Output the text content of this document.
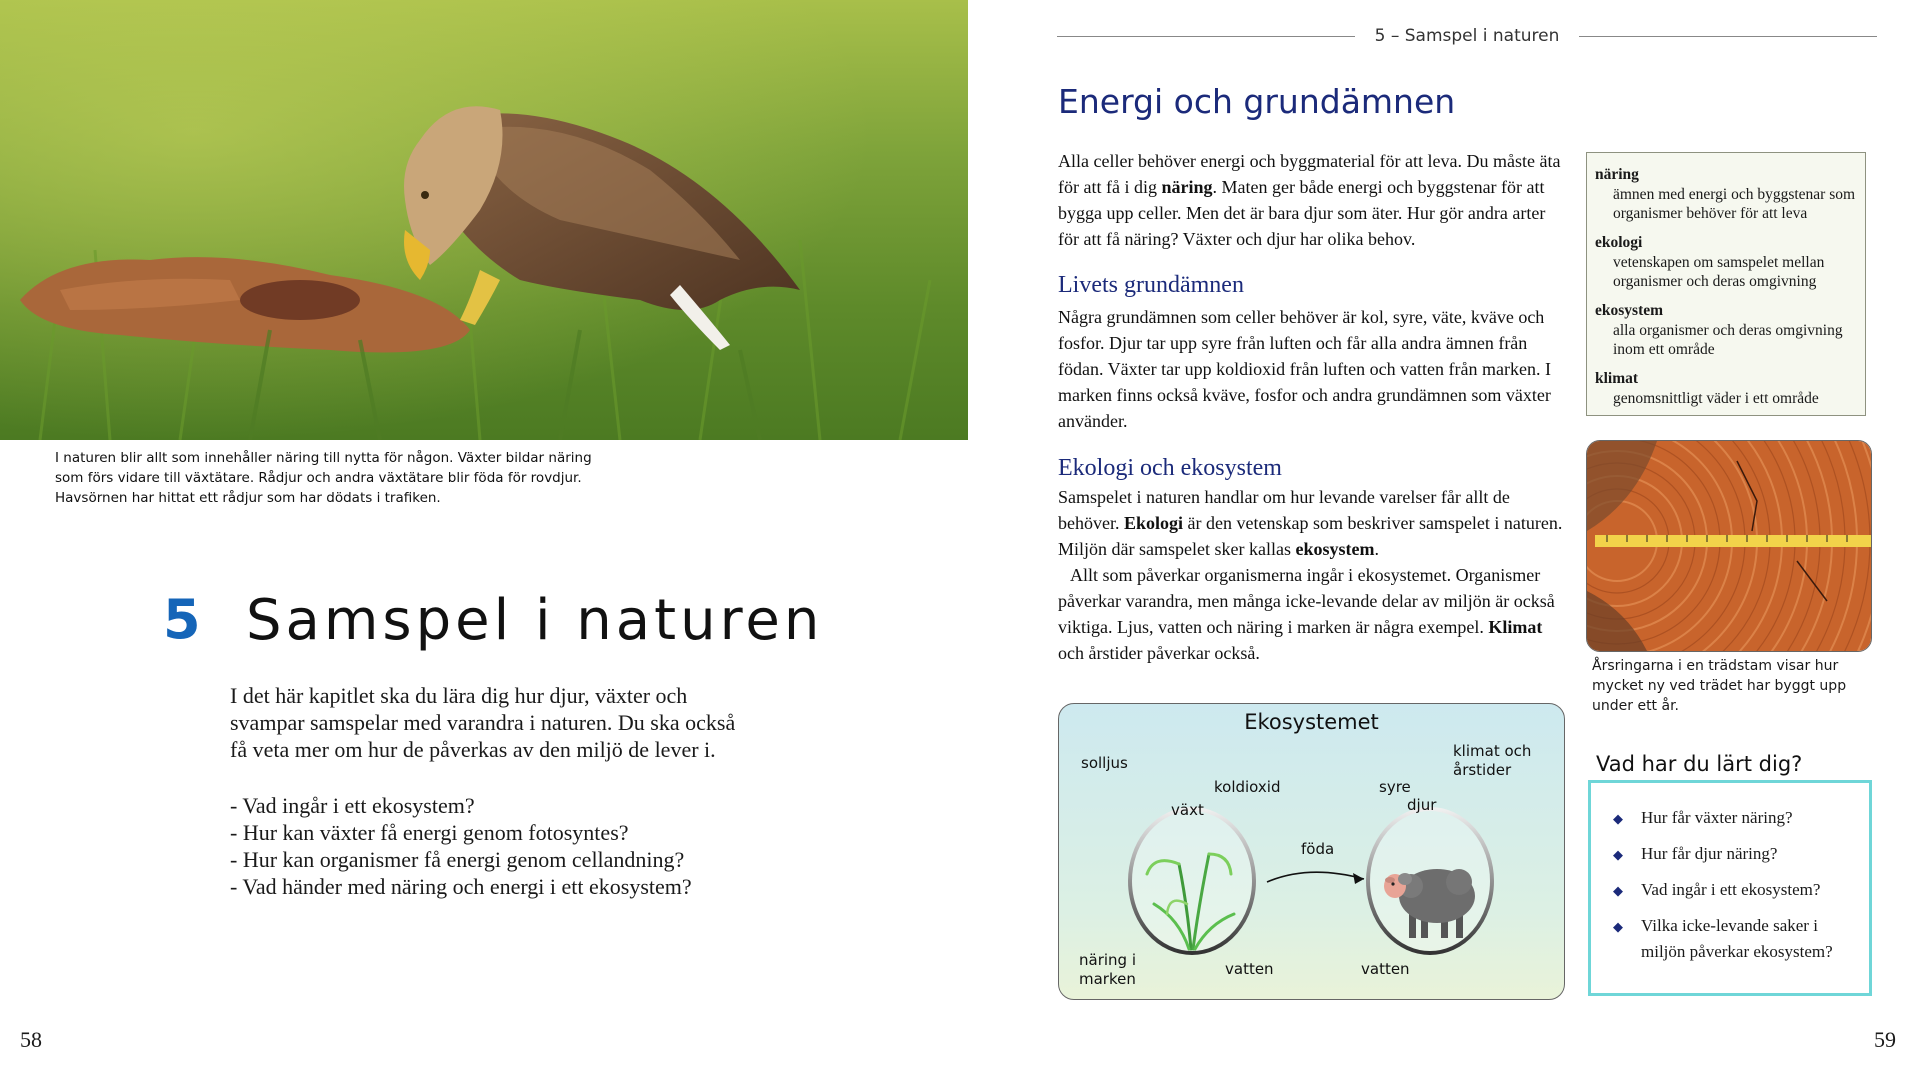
I naturen blir allt som innehåller näring till nytta för någon. Växter bildar näring som förs vidare till växtätare. Rådjur och andra växtätare blir föda för rovdjur. Havsörnen har hittat ett rådjur som har dödats i trafiken.
5 Samspel i naturen
I det här kapitlet ska du lära dig hur djur, växter och svampar samspelar med varandra i naturen. Du ska också få veta mer om hur de påverkas av den miljö de lever i.
- Vad ingår i ett ekosystem?
- Hur kan växter få energi genom fotosyntes?
- Hur kan organismer få energi genom cellandning?
- Vad händer med näring och energi i ett ekosystem?
58
5 – Samspel i naturen
Energi och grundämnen
Alla celler behöver energi och byggmaterial för att leva. Du måste äta för att få i dig näring. Maten ger både energi och byggstenar för att bygga upp celler. Men det är bara djur som äter. Hur gör andra arter för att få näring? Växter och djur har olika behov.
Livets grundämnen
Några grundämnen som celler behöver är kol, syre, väte, kväve och fosfor. Djur tar upp syre från luften och får alla andra ämnen från födan. Växter tar upp koldioxid från luften och vatten från marken. I marken finns också kväve, fosfor och andra grundämnen som växter använder.
Ekologi och ekosystem
Samspelet i naturen handlar om hur levande varelser får allt de behöver. Ekologi är den vetenskap som beskriver samspelet i naturen. Miljön där samspelet sker kallas ekosystem.
Allt som påverkar organismerna ingår i ekosystemet. Organismer påverkar varandra, men många icke-levande delar av miljön är också viktiga. Ljus, vatten och näring i marken är några exempel. Klimat och årstider påverkar också.
näring
ämnen med energi och byggstenar som organismer behöver för att leva
ekologi
vetenskapen om samspelet mellan organismer och deras omgivning
ekosystem
alla organismer och deras omgivning inom ett område
klimat
genomsnittligt väder i ett område
Årsringarna i en trädstam visar hur mycket ny ved trädet har byggt upp under ett år.
Ekosystemet
solljus
klimat och årstider
koldioxid	syre
växt	djur
föda
näring i marken
vatten	vatten
Vad har du lärt dig?
◆	Hur får växter näring?
◆	Hur får djur näring?
◆	Vad ingår i ett ekosystem?
◆	Vilka icke-levande saker i miljön påverkar ekosystem?
59
